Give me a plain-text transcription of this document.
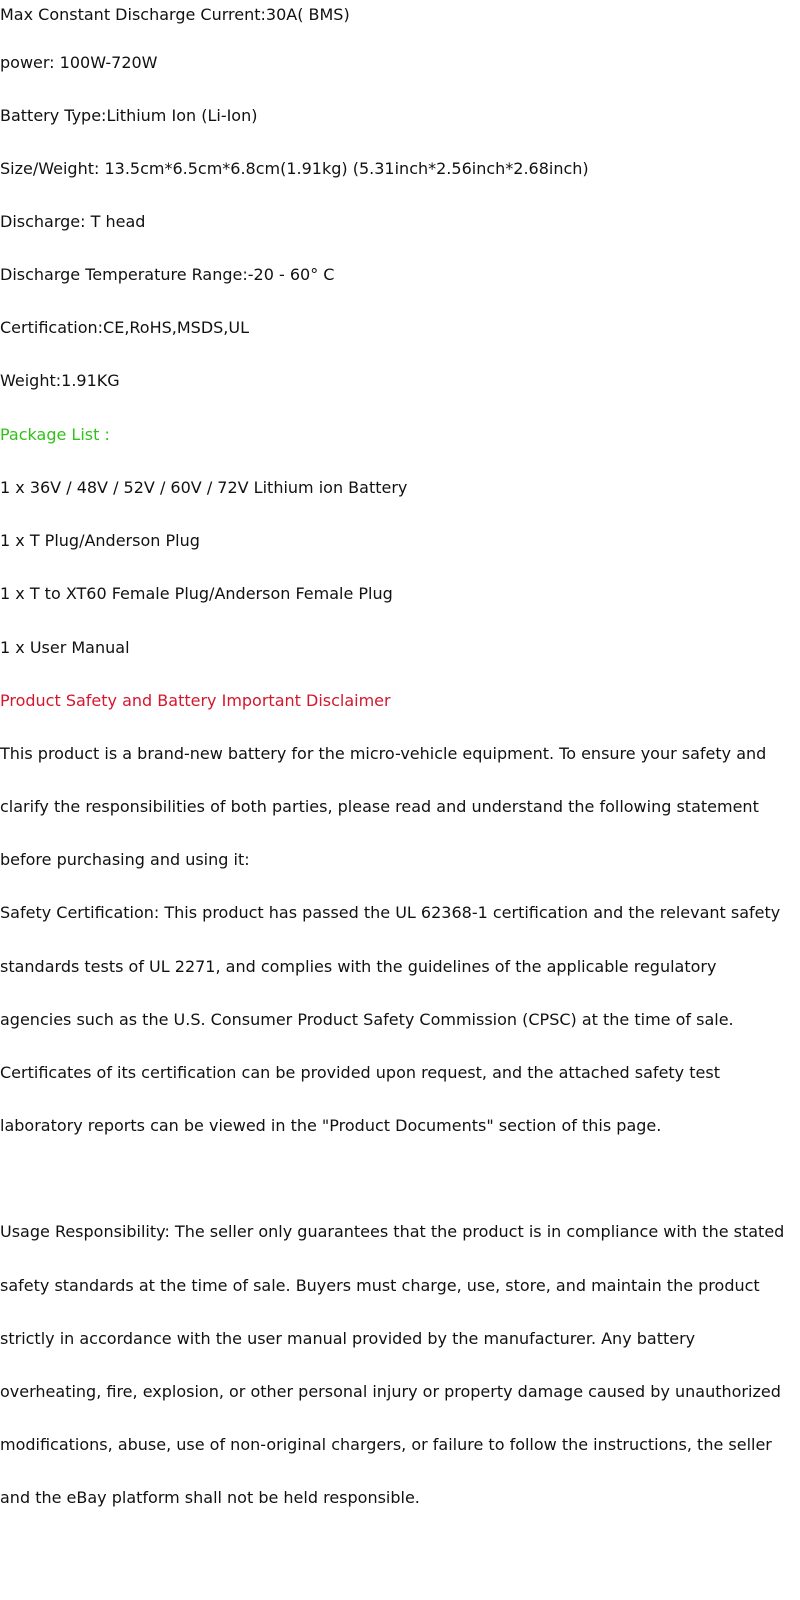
Max Constant Discharge Current:30A( BMS)
power: 100W-720W
Battery Type:Lithium Ion (Li-Ion)
Size/Weight: 13.5cm*6.5cm*6.8cm(1.91kg) (5.31inch*2.56inch*2.68inch)
Discharge: T head
Discharge Temperature Range:-20 - 60° C
Certification:CE,RoHS,MSDS,UL
Weight:1.91KG
Package List :
1 x 36V / 48V / 52V / 60V / 72V Lithium ion Battery
1 x T Plug/Anderson Plug
1 x T to XT60 Female Plug/Anderson Female Plug
1 x User Manual
Product Safety and Battery Important Disclaimer
This product is a brand-new battery for the micro-vehicle equipment. To ensure your safety and
clarify the responsibilities of both parties, please read and understand the following statement
before purchasing and using it:
Safety Certification: This product has passed the UL 62368-1 certification and the relevant safety
standards tests of UL 2271, and complies with the guidelines of the applicable regulatory
agencies such as the U.S. Consumer Product Safety Commission (CPSC) at the time of sale.
Certificates of its certification can be provided upon request, and the attached safety test
laboratory reports can be viewed in the "Product Documents" section of this page.
Usage Responsibility: The seller only guarantees that the product is in compliance with the stated
safety standards at the time of sale. Buyers must charge, use, store, and maintain the product
strictly in accordance with the user manual provided by the manufacturer. Any battery
overheating, fire, explosion, or other personal injury or property damage caused by unauthorized
modifications, abuse, use of non-original chargers, or failure to follow the instructions, the seller
and the eBay platform shall not be held responsible.
